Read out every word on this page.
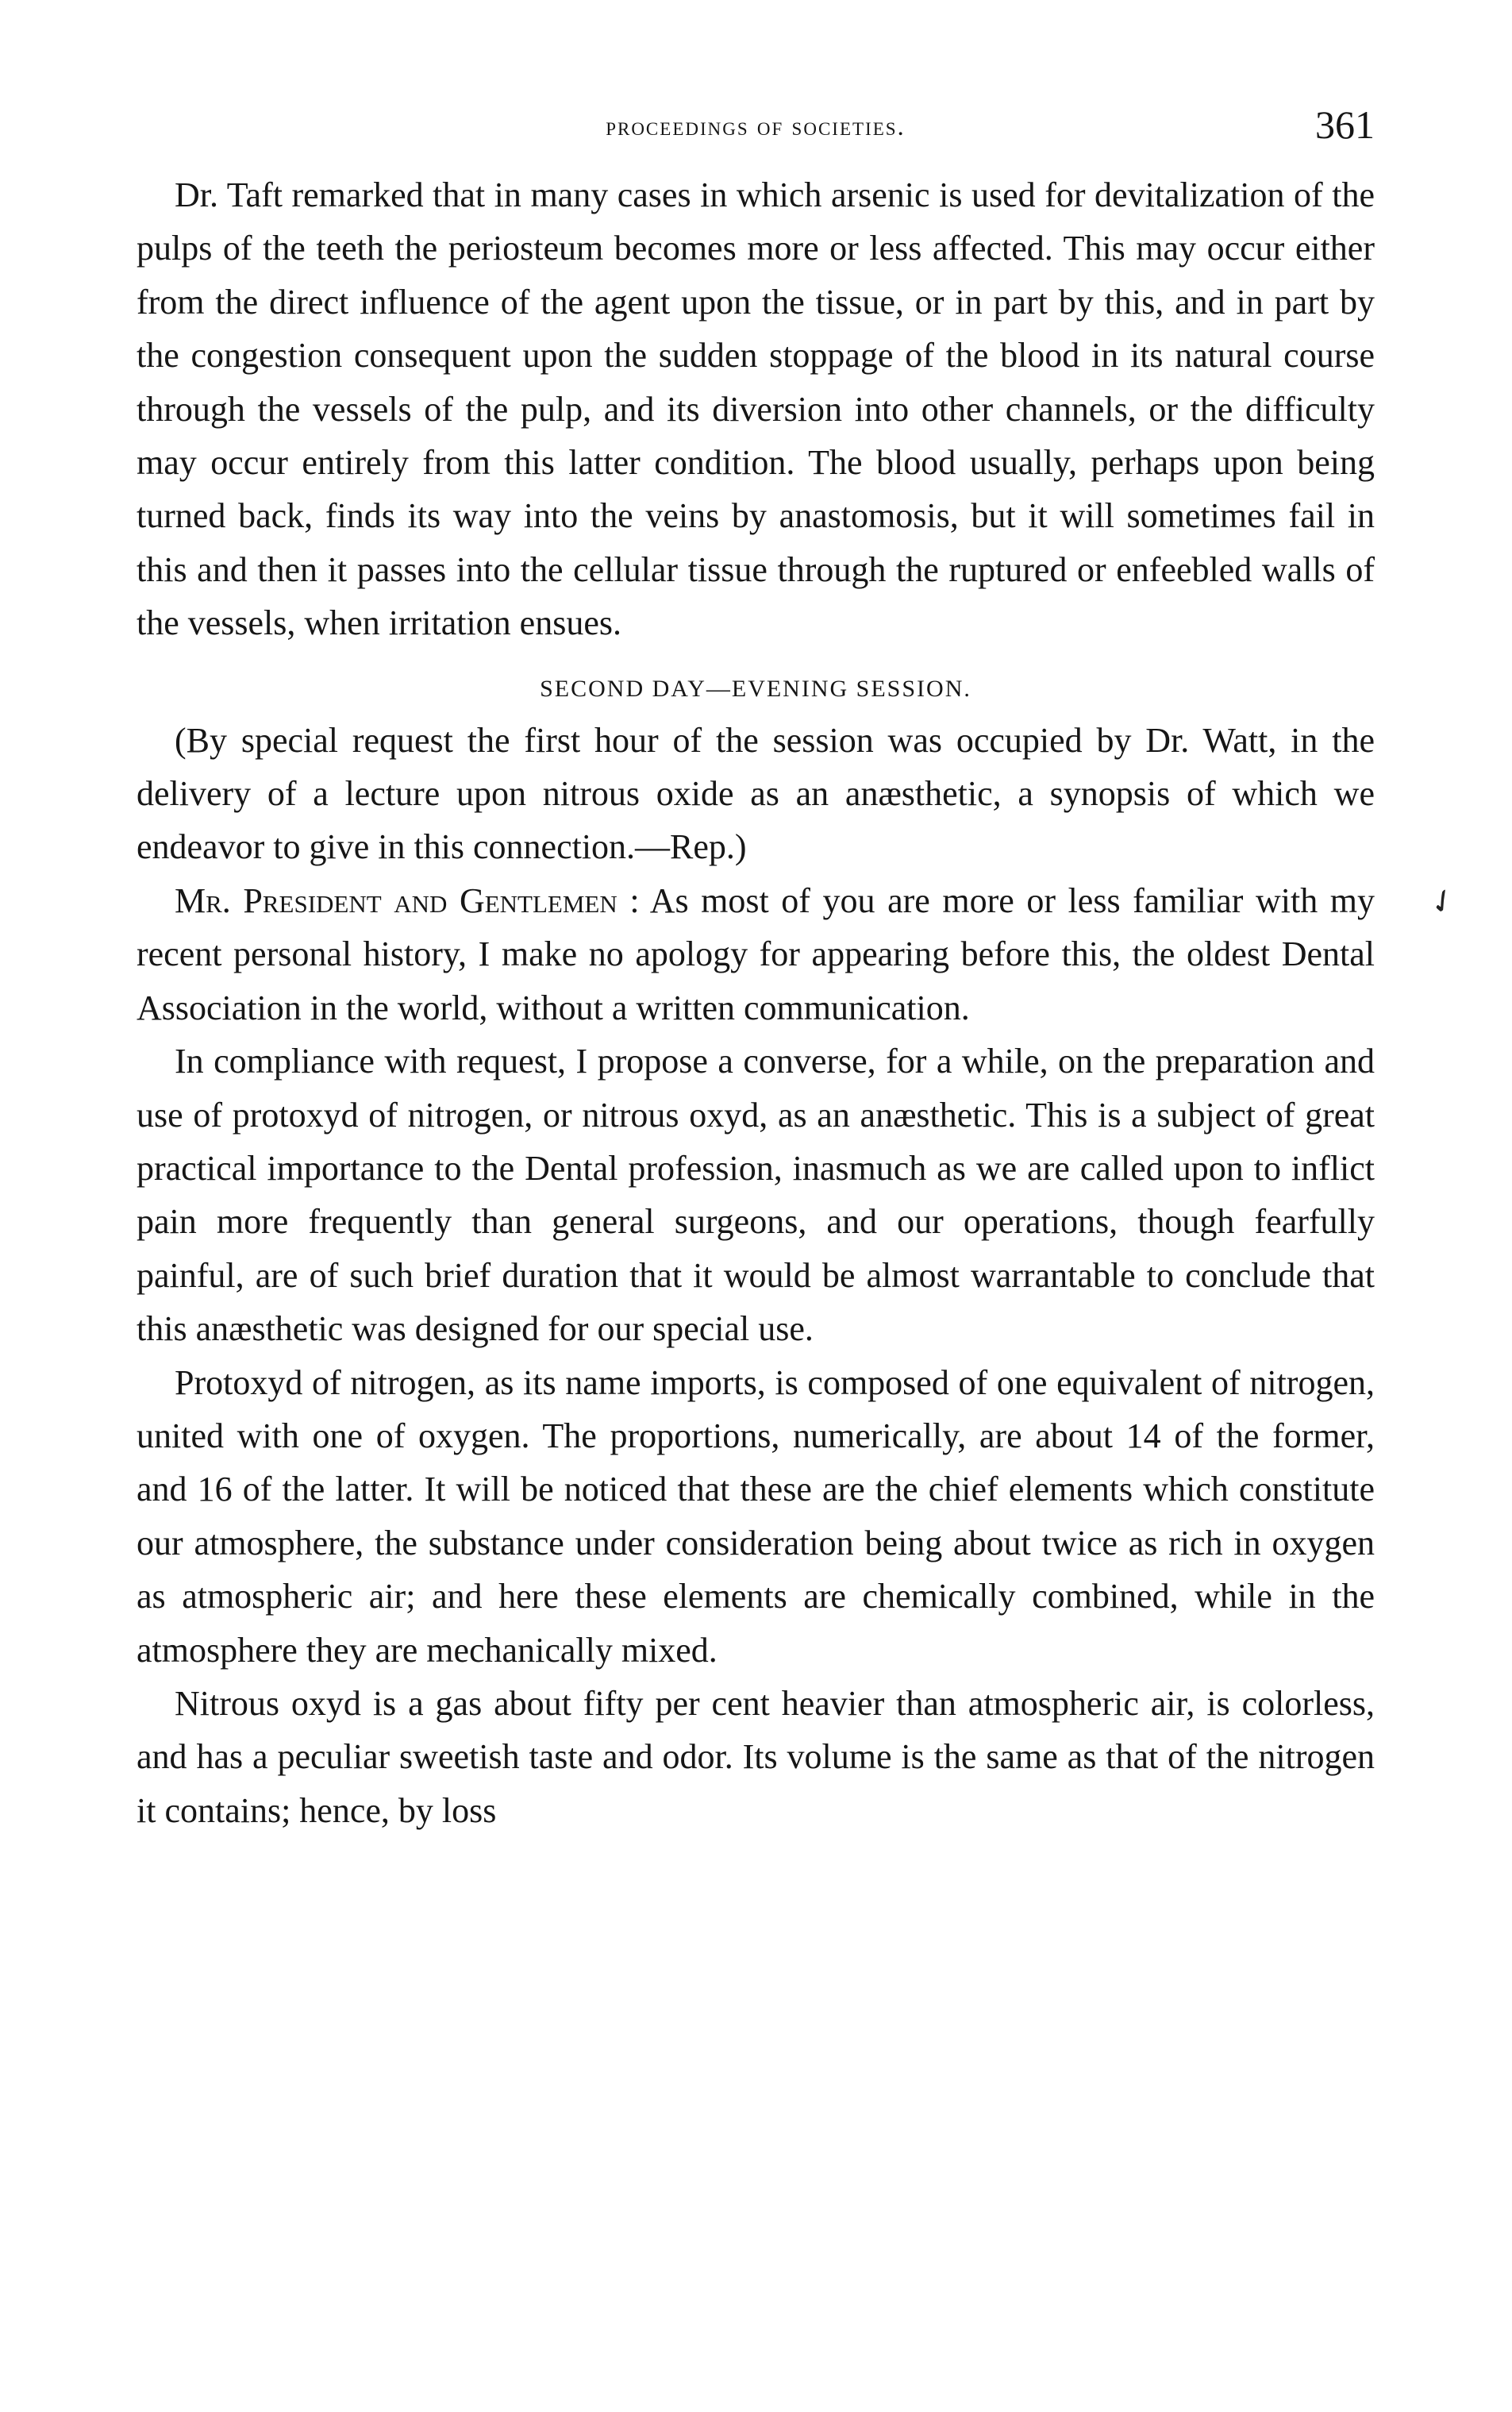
proceedings of societies.	361

Dr. Taft remarked that in many cases in which arsenic is used for devitalization of the pulps of the teeth the periosteum becomes more or less affected. This may occur either from the direct influence of the agent upon the tissue, or in part by this, and in part by the congestion consequent upon the sudden stoppage of the blood in its natural course through the vessels of the pulp, and its diversion into other channels, or the difficulty may occur entirely from this latter condition. The blood usually, perhaps upon being turned back, finds its way into the veins by anastomosis, but it will sometimes fail in this and then it passes into the cellular tissue through the ruptured or enfeebled walls of the vessels, when irritation ensues.

SECOND DAY—EVENING SESSION.

(By special request the first hour of the session was occupied by Dr. Watt, in the delivery of a lecture upon nitrous oxide as an anæsthetic, a synopsis of which we endeavor to give in this connection.—Rep.)

Mr. President and Gentlemen : As most of you are more or less familiar with my recent personal history, I make no apology for appearing before this, the oldest Dental Association in the world, without a written communication.

In compliance with request, I propose a converse, for a while, on the preparation and use of protoxyd of nitrogen, or nitrous oxyd, as an anæsthetic. This is a subject of great practical importance to the Dental profession, inasmuch as we are called upon to inflict pain more frequently than general surgeons, and our operations, though fearfully painful, are of such brief duration that it would be almost warrantable to conclude that this anæsthetic was designed for our special use.

Protoxyd of nitrogen, as its name imports, is composed of one equivalent of nitrogen, united with one of oxygen. The proportions, numerically, are about 14 of the former, and 16 of the latter. It will be noticed that these are the chief elements which constitute our atmosphere, the substance under consideration being about twice as rich in oxygen as atmospheric air; and here these elements are chemically combined, while in the atmosphere they are mechanically mixed.

Nitrous oxyd is a gas about fifty per cent heavier than atmospheric air, is colorless, and has a peculiar sweetish taste and odor. Its volume is the same as that of the nitrogen it contains; hence, by loss

✓
